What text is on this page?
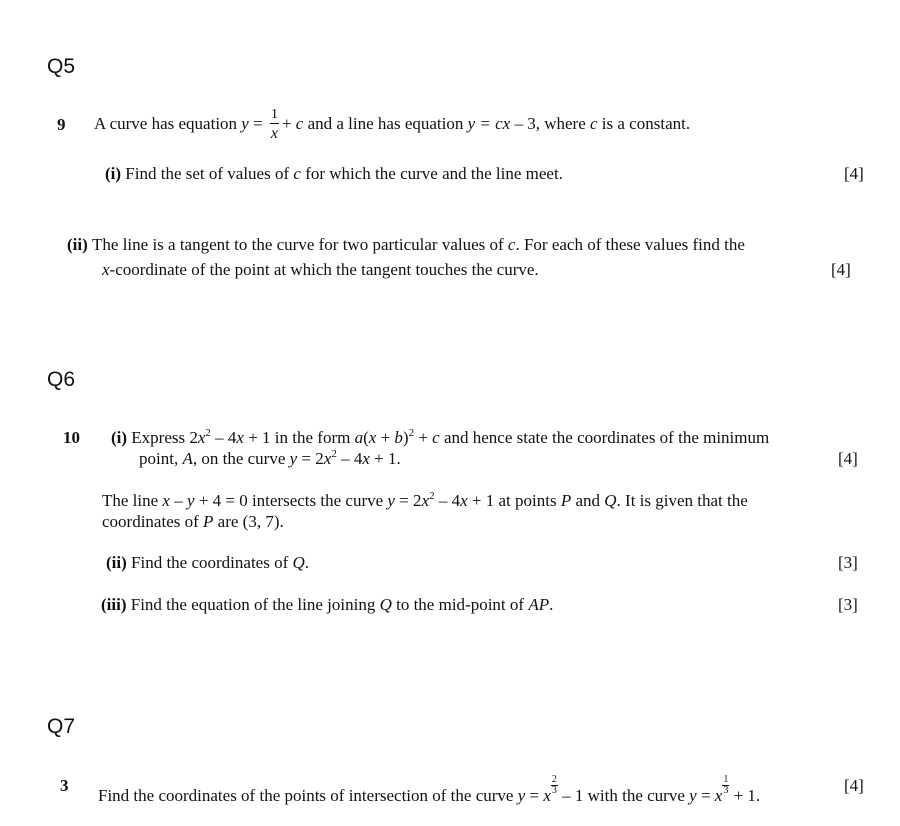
Q5
9 A curve has equation $y = \frac{1}{x} + c$ and a line has equation y = cx – 3, where c is a constant.
(i) Find the set of values of c for which the curve and the line meet.	[4]
(ii) The line is a tangent to the curve for two particular values of c. For each of these values find the
x-coordinate of the point at which the tangent touches the curve.	[4]
Q6
10 (i) Express $2x^2 - 4x + 1$ in the form $a(x + b)^2 + c$ and hence state the coordinates of the minimum
point, A, on the curve $y = 2x^2 - 4x + 1$.	[4]
The line x – y + 4 = 0 intersects the curve $y = 2x^2 - 4x + 1$ at points P and Q. It is given that the
coordinates of P are (3, 7).
(ii) Find the coordinates of Q.	[3]
(iii) Find the equation of the line joining Q to the mid-point of AP.	[3]
Q7
3
Find the coordinates of the points of intersection of the curve y = x $\frac{2}{3} - 1$ with the curve y = x $\frac{1}{3} + 1$.
[4]
